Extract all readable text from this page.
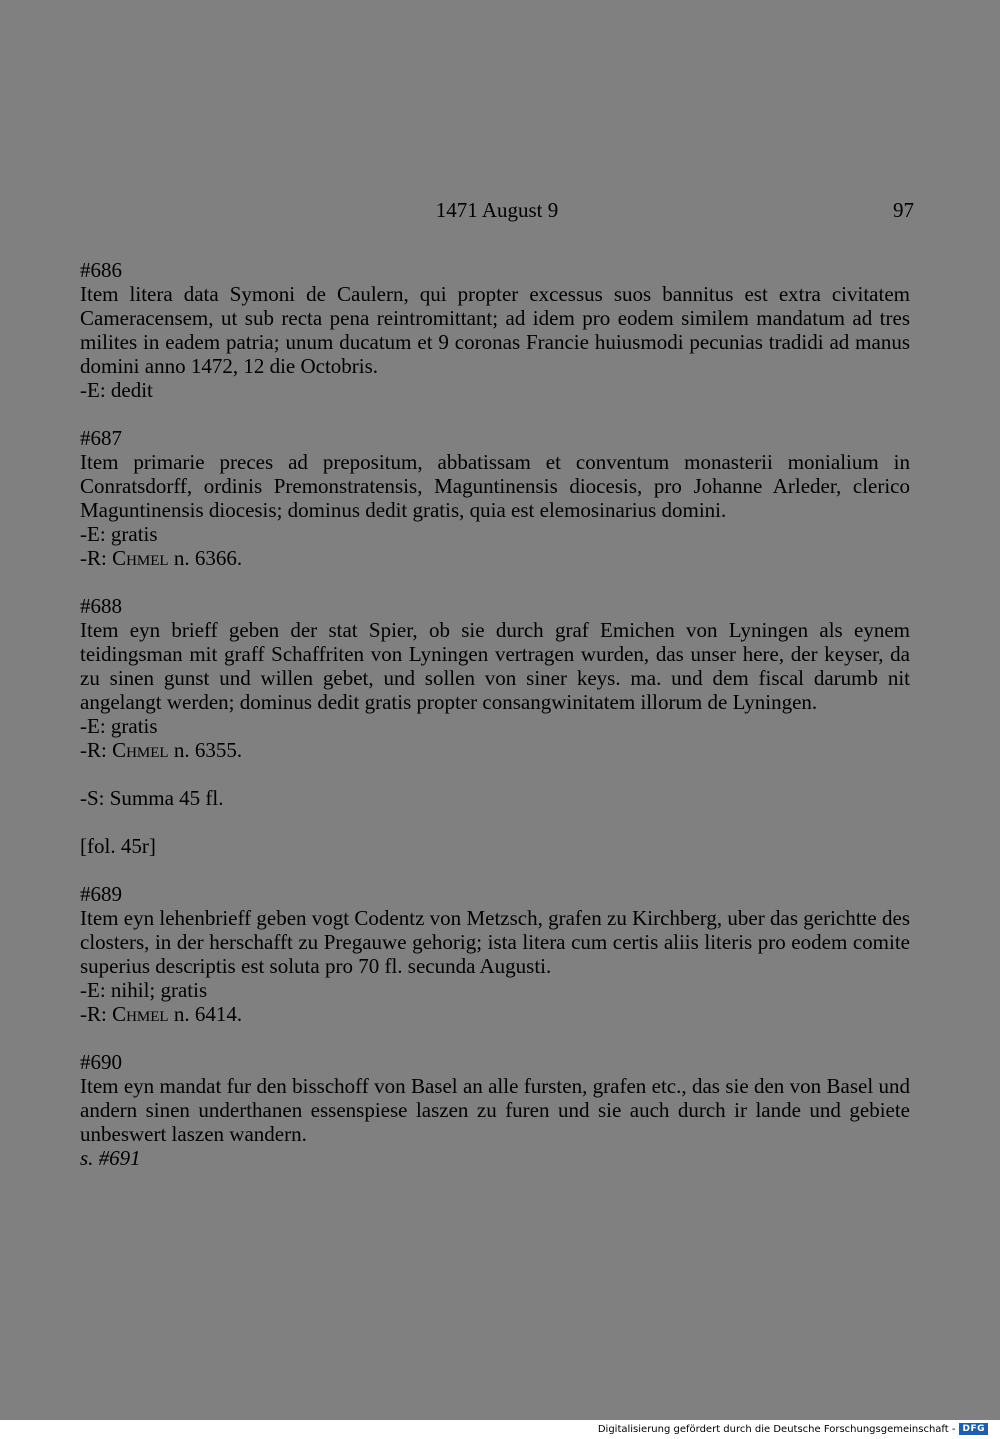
1471 August 9	97
#686
Item litera data Symoni de Caulern, qui propter excessus suos bannitus est extra civitatem Cameracensem, ut sub recta pena reintromittant; ad idem pro eodem similem mandatum ad tres milites in eadem patria; unum ducatum et 9 coronas Francie huiusmodi pecunias tradidi ad manus domini anno 1472, 12 die Octobris.
-E: dedit
#687
Item primarie preces ad prepositum, abbatissam et conventum monasterii monialium in Conratsdorff, ordinis Premonstratensis, Maguntinensis diocesis, pro Johanne Arleder, clerico Maguntinensis diocesis; dominus dedit gratis, quia est elemosinarius domini.
-E: gratis
-R: Chmel n. 6366.
#688
Item eyn brieff geben der stat Spier, ob sie durch graf Emichen von Lyningen als eynem teidingsman mit graff Schaffriten von Lyningen vertragen wurden, das unser here, der keyser, da zu sinen gunst und willen gebet, und sollen von siner keys. ma. und dem fiscal darumb nit angelangt werden; dominus dedit gratis propter consangwinitatem illorum de Lyningen.
-E: gratis
-R: Chmel n. 6355.
-S: Summa 45 fl.
[fol. 45r]
#689
Item eyn lehenbrieff geben vogt Codentz von Metzsch, grafen zu Kirchberg, uber das gerichtte des closters, in der herschafft zu Pregauwe gehorig; ista litera cum certis aliis literis pro eodem comite superius descriptis est soluta pro 70 fl. secunda Augusti.
-E: nihil; gratis
-R: Chmel n. 6414.
#690
Item eyn mandat fur den bisschoff von Basel an alle fursten, grafen etc., das sie den von Basel und andern sinen underthanen essenspiese laszen zu furen und sie auch durch ir lande und gebiete unbeswert laszen wandern.
s. #691
Digitalisierung gefördert durch die Deutsche Forschungsgemeinschaft - DFG
